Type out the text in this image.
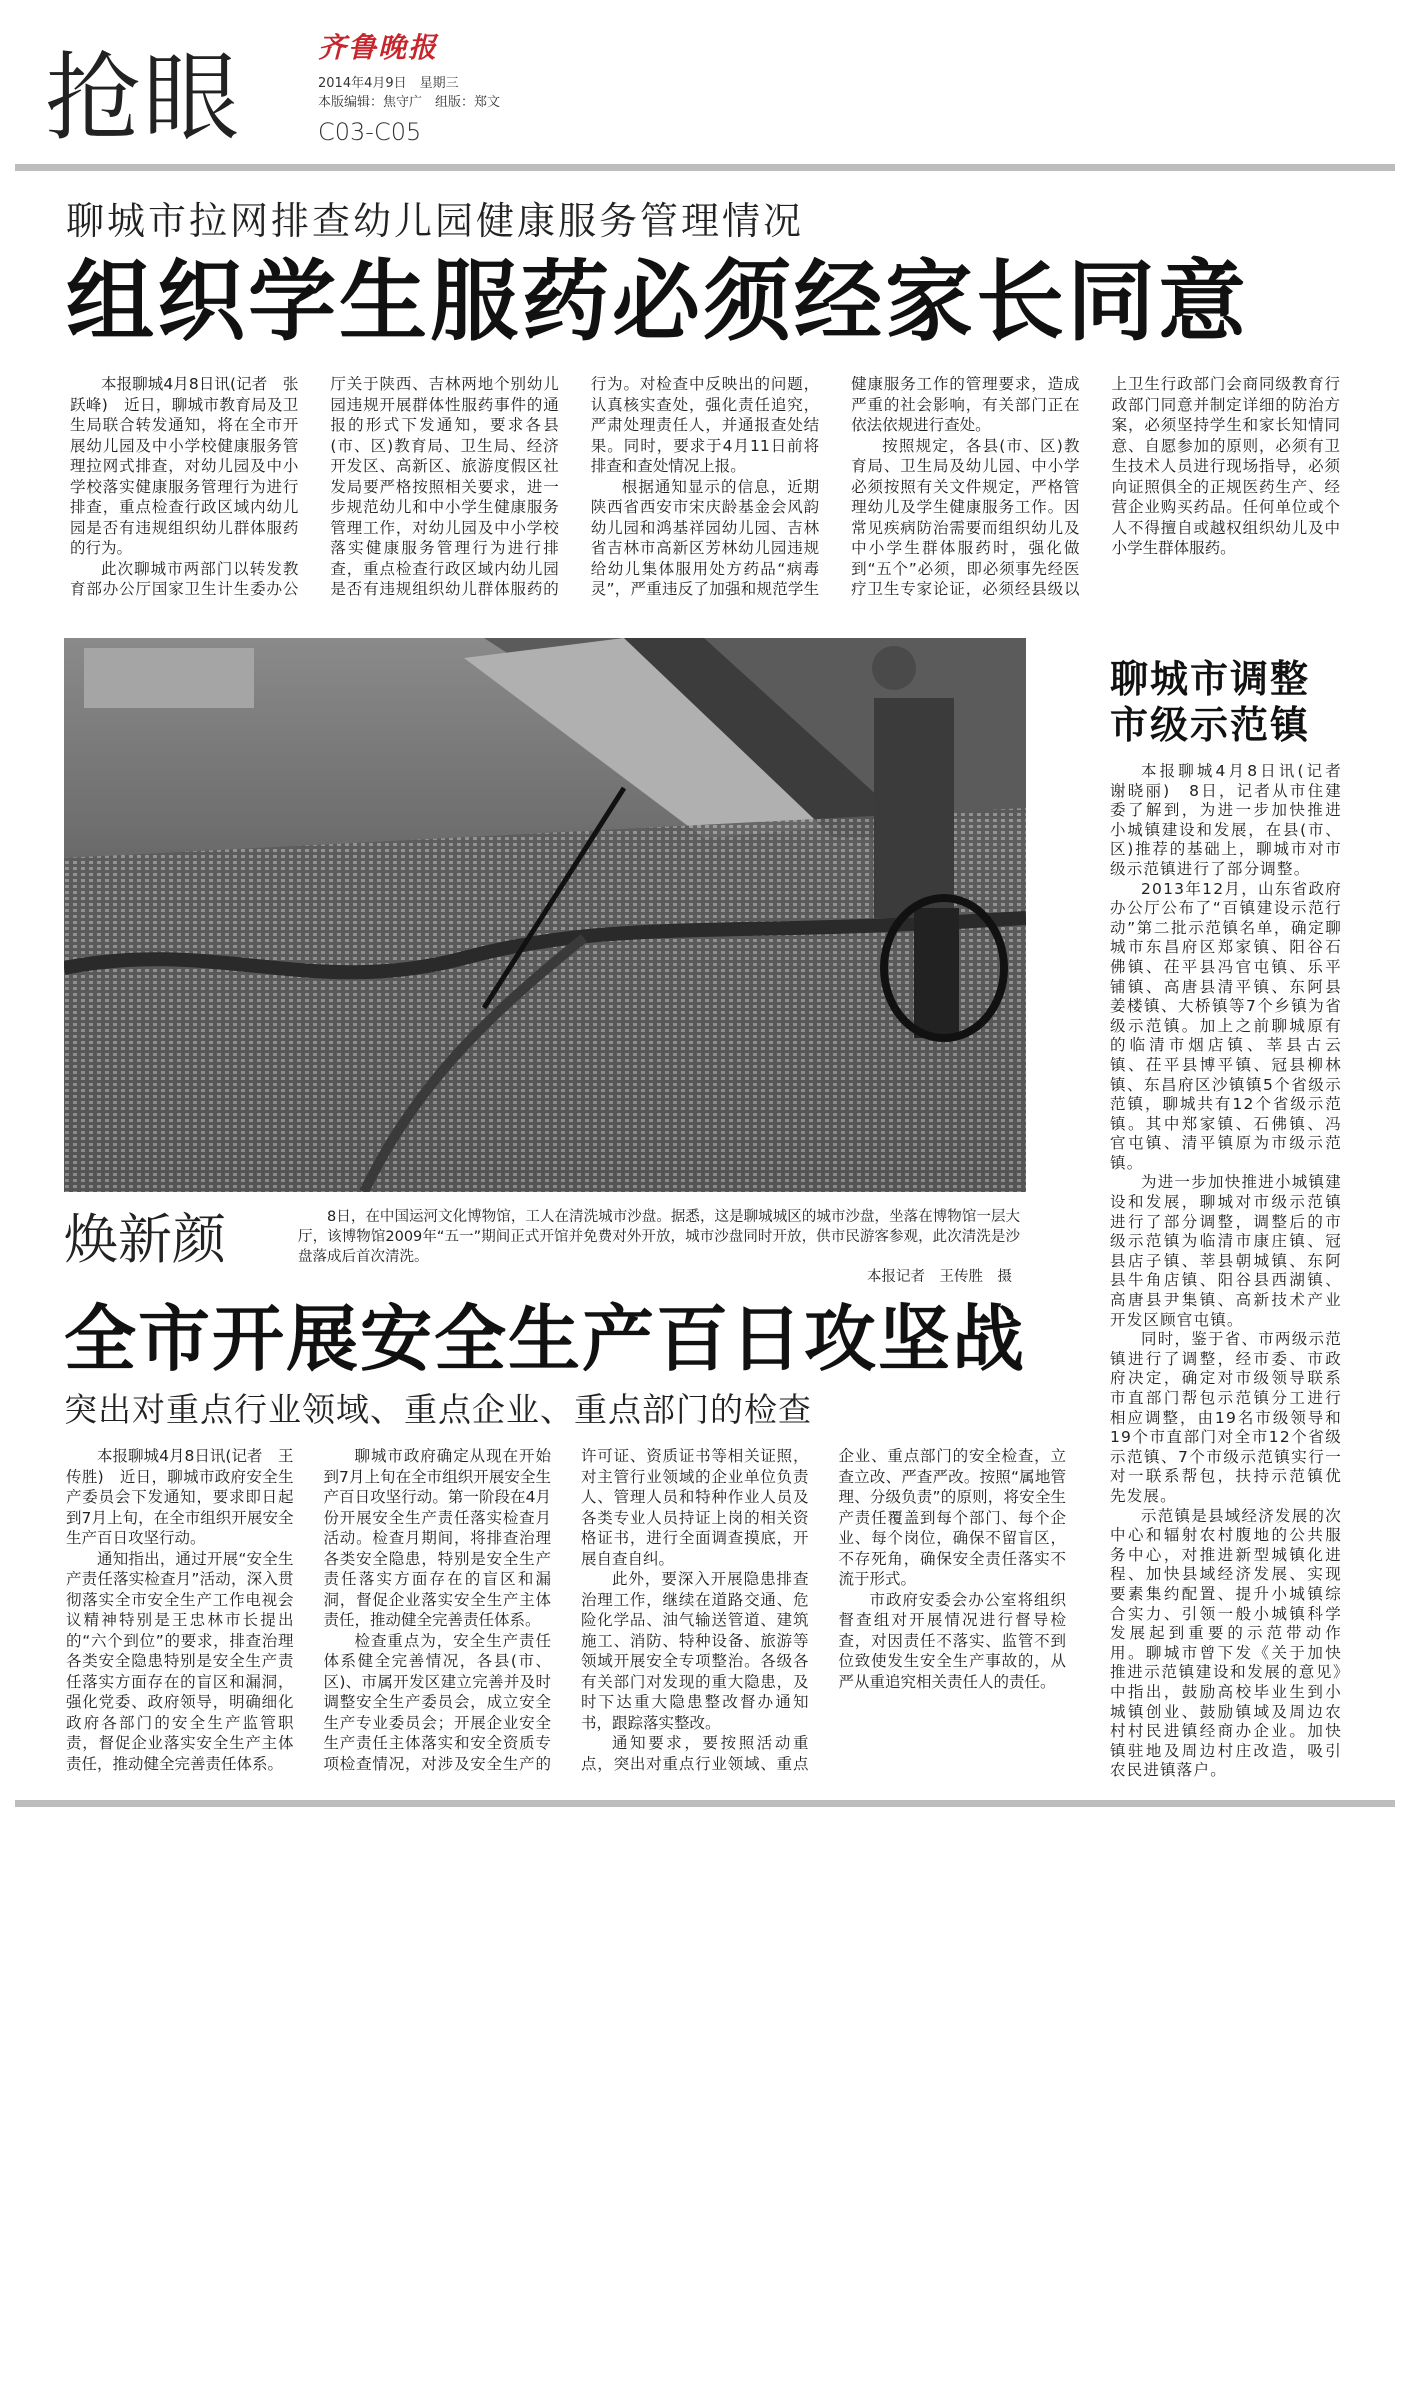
抢眼	齐鲁晚报
2014年4月9日　星期三
本版编辑：焦守广　组版：郑文
C03-C05
聊城市拉网排查幼儿园健康服务管理情况
组织学生服药必须经家长同意

本报聊城4月8日讯(记者　张跃峰)　近日，聊城市教育局及卫生局联合转发通知，将在全市开展幼儿园及中小学校健康服务管理拉网式排查，对幼儿园及中小学校落实健康服务管理行为进行排查，重点检查行政区域内幼儿园是否有违规组织幼儿群体服药的行为。

此次聊城市两部门以转发教育部办公厅国家卫生计生委办公厅关于陕西、吉林两地个别幼儿园违规开展群体性服药事件的通报的形式下发通知，要求各县(市、区)教育局、卫生局、经济开发区、高新区、旅游度假区社发局要严格按照相关要求，进一步规范幼儿和中小学生健康服务管理工作，对幼儿园及中小学校落实健康服务管理行为进行排查，重点检查行政区域内幼儿园是否有违规组织幼儿群体服药的行为。对检查中反映出的问题，认真核实查处，强化责任追究，严肃处理责任人，并通报查处结果。同时，要求于4月11日前将排查和查处情况上报。

根据通知显示的信息，近期陕西省西安市宋庆龄基金会风韵幼儿园和鸿基祥园幼儿园、吉林省吉林市高新区芳林幼儿园违规给幼儿集体服用处方药品“病毒灵”，严重违反了加强和规范学生健康服务工作的管理要求，造成严重的社会影响，有关部门正在依法依规进行查处。

按照规定，各县(市、区)教育局、卫生局及幼儿园、中小学必须按照有关文件规定，严格管理幼儿及学生健康服务工作。因常见疾病防治需要而组织幼儿及中小学生群体服药时，强化做到“五个”必须，即必须事先经医疗卫生专家论证，必须经县级以上卫生行政部门会商同级教育行政部门同意并制定详细的防治方案，必须坚持学生和家长知情同意、自愿参加的原则，必须有卫生技术人员进行现场指导，必须向证照俱全的正规医药生产、经营企业购买药品。任何单位或个人不得擅自或越权组织幼儿及中小学生群体服药。

聊城市调整
市级示范镇

本报聊城4月8日讯(记者　谢晓丽)　8日，记者从市住建委了解到，为进一步加快推进小城镇建设和发展，在县(市、区)推荐的基础上，聊城市对市级示范镇进行了部分调整。

2013年12月，山东省政府办公厅公布了“百镇建设示范行动”第二批示范镇名单，确定聊城市东昌府区郑家镇、阳谷石佛镇、茌平县冯官屯镇、乐平铺镇、高唐县清平镇、东阿县姜楼镇、大桥镇等7个乡镇为省级示范镇。加上之前聊城原有的临清市烟店镇、莘县古云镇、茌平县博平镇、冠县柳林镇、东昌府区沙镇镇5个省级示范镇，聊城共有12个省级示范镇。其中郑家镇、石佛镇、冯官屯镇、清平镇原为市级示范镇。

为进一步加快推进小城镇建设和发展，聊城对市级示范镇进行了部分调整，调整后的市级示范镇为临清市康庄镇、冠县店子镇、莘县朝城镇、东阿县牛角店镇、阳谷县西湖镇、高唐县尹集镇、高新技术产业开发区顾官屯镇。

同时，鉴于省、市两级示范镇进行了调整，经市委、市政府决定，确定对市级领导联系市直部门帮包示范镇分工进行相应调整，由19名市级领导和19个市直部门对全市12个省级示范镇、7个市级示范镇实行一对一联系帮包，扶持示范镇优先发展。

示范镇是县域经济发展的次中心和辐射农村腹地的公共服务中心，对推进新型城镇化进程、加快县域经济发展、实现要素集约配置、提升小城镇综合实力、引领一般小城镇科学发展起到重要的示范带动作用。聊城市曾下发《关于加快推进示范镇建设和发展的意见》中指出，鼓励高校毕业生到小城镇创业、鼓励镇域及周边农村村民进镇经商办企业。加快镇驻地及周边村庄改造，吸引农民进镇落户。

焕新颜	8日，在中国运河文化博物馆，工人在清洗城市沙盘。据悉，这是聊城城区的城市沙盘，坐落在博物馆一层大厅，该博物馆2009年“五一”期间正式开馆并免费对外开放，城市沙盘同时开放，供市民游客参观，此次清洗是沙盘落成后首次清洗。

本报记者　王传胜　摄
全市开展安全生产百日攻坚战
突出对重点行业领域、重点企业、重点部门的检查

本报聊城4月8日讯(记者　王传胜)　近日，聊城市政府安全生产委员会下发通知，要求即日起到7月上旬，在全市组织开展安全生产百日攻坚行动。

通知指出，通过开展“安全生产责任落实检查月”活动，深入贯彻落实全市安全生产工作电视会议精神特别是王忠林市长提出的“六个到位”的要求，排查治理各类安全隐患特别是安全生产责任落实方面存在的盲区和漏洞，强化党委、政府领导，明确细化政府各部门的安全生产监管职责，督促企业落实安全生产主体责任，推动健全完善责任体系。

聊城市政府确定从现在开始到7月上旬在全市组织开展安全生产百日攻坚行动。第一阶段在4月份开展安全生产责任落实检查月活动。检查月期间，将排查治理各类安全隐患，特别是安全生产责任落实方面存在的盲区和漏洞，督促企业落实安全生产主体责任，推动健全完善责任体系。

检查重点为，安全生产责任体系健全完善情况，各县(市、区)、市属开发区建立完善并及时调整安全生产委员会，成立安全生产专业委员会；开展企业安全生产责任主体落实和安全资质专项检查情况，对涉及安全生产的许可证、资质证书等相关证照，对主管行业领域的企业单位负责人、管理人员和特种作业人员及各类专业人员持证上岗的相关资格证书，进行全面调查摸底，开展自查自纠。

此外，要深入开展隐患排查治理工作，继续在道路交通、危险化学品、油气输送管道、建筑施工、消防、特种设备、旅游等领域开展安全专项整治。各级各有关部门对发现的重大隐患，及时下达重大隐患整改督办通知书，跟踪落实整改。

通知要求，要按照活动重点，突出对重点行业领域、重点企业、重点部门的安全检查，立查立改、严查严改。按照“属地管理、分级负责”的原则，将安全生产责任覆盖到每个部门、每个企业、每个岗位，确保不留盲区，不存死角，确保安全责任落实不流于形式。

市政府安委会办公室将组织督查组对开展情况进行督导检查，对因责任不落实、监管不到位致使发生安全生产事故的，从严从重追究相关责任人的责任。
